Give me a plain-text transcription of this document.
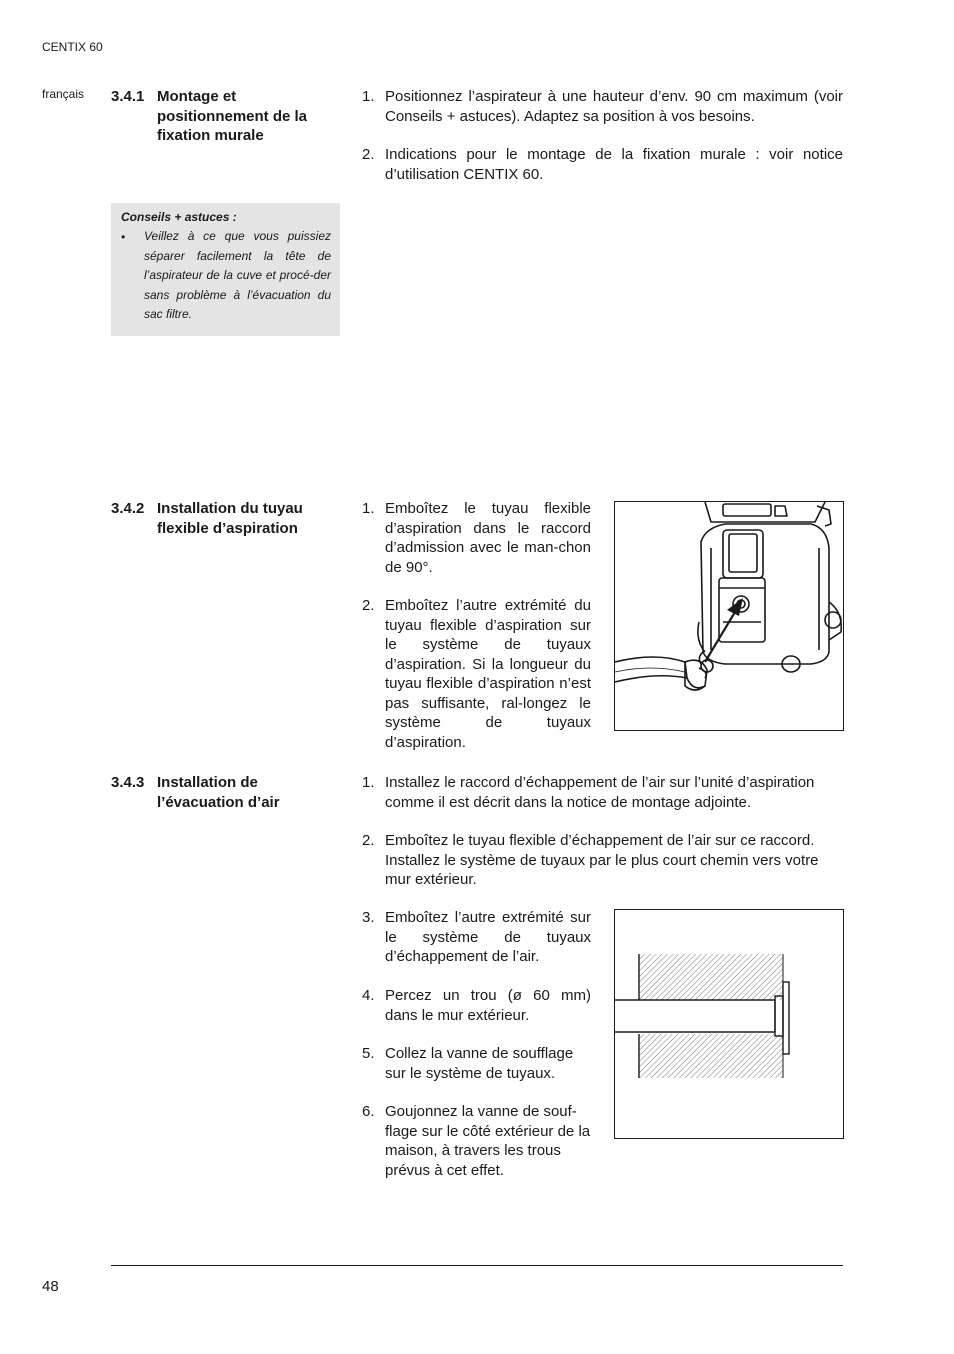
CENTIX 60
français 3.4.1 Montage et positionnement de la fixation murale
1. Positionnez l’aspirateur à une hauteur d’env. 90 cm maximum (voir Conseils + astuces). Adaptez sa position à vos besoins.
2. Indications pour le montage de la fixation murale : voir notice d’utilisation CENTIX 60.
Conseils + astuces :
• Veillez à ce que vous puissiez séparer facilement la tête de l’aspirateur de la cuve et procé-der sans problème à l’évacuation du sac filtre.
3.4.2 Installation du tuyau flexible d’aspiration
1. Emboîtez le tuyau flexible d’aspiration dans le raccord d’admission avec le man-chon de 90°.
2. Emboîtez l’autre extrémité du tuyau flexible d’aspiration sur le système de tuyaux d’aspiration. Si la longueur du tuyau flexible d’aspiration n’est pas suffisante, ral-longez le système de tuyaux d’aspiration.
3.4.3 Installation de l’évacuation d’air
1. Installez le raccord d’échappement de l’air sur l’unité d’aspiration comme il est décrit dans la notice de montage adjointe.
2. Emboîtez le tuyau flexible d’échappement de l’air sur ce raccord. Installez le système de tuyaux par le plus court chemin vers votre mur extérieur.
3. Emboîtez l’autre extrémité sur le système de tuyaux d’échappement de l’air.
4. Percez un trou (ø 60 mm) dans le mur extérieur.
5. Collez la vanne de soufflage sur le système de tuyaux.
6. Goujonnez la vanne de souf-flage sur le côté extérieur de la maison, à travers les trous prévus à cet effet.
48
